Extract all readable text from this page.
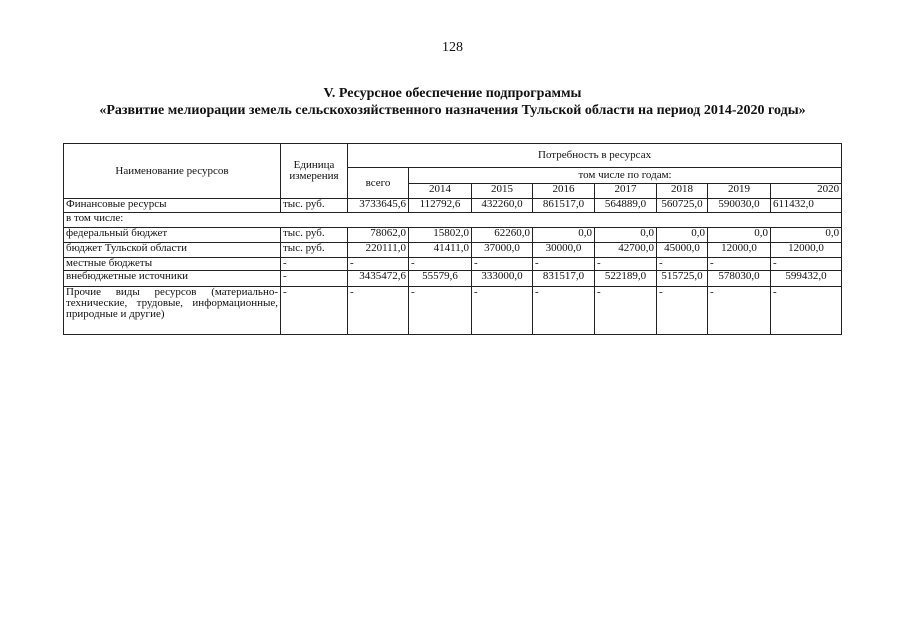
128
V. Ресурсное обеспечение подпрограммы
«Развитие мелиорации земель сельскохозяйственного назначения Тульской области на период 2014-2020 годы»
Наименование ресурсов	Единица измерения	Потребность в ресурсах							
		всего	том числе по годам:						
			2014	2015	2016	2017	2018	2019	2020
Финансовые ресурсы	тыс. руб.	3733645,6	112792,6	432260,0	861517,0	564889,0	560725,0	590030,0	611432,0
в том числе:									
федеральный бюджет	тыс. руб.	78062,0	15802,0	62260,0	0,0	0,0	0,0	0,0	0,0
бюджет Тульской области	тыс. руб.	220111,0	41411,0	37000,0	30000,0	42700,0	45000,0	12000,0	12000,0
местные бюджеты	-	-	-	-	-	-	-	-	-
внебюджетные источники	-	3435472,6	55579,6	333000,0	831517,0	522189,0	515725,0	578030,0	599432,0
Прочие виды ресурсов (материально-технические, трудовые, информационные, природные и другие)	-	-	-	-	-	-	-	-	-
